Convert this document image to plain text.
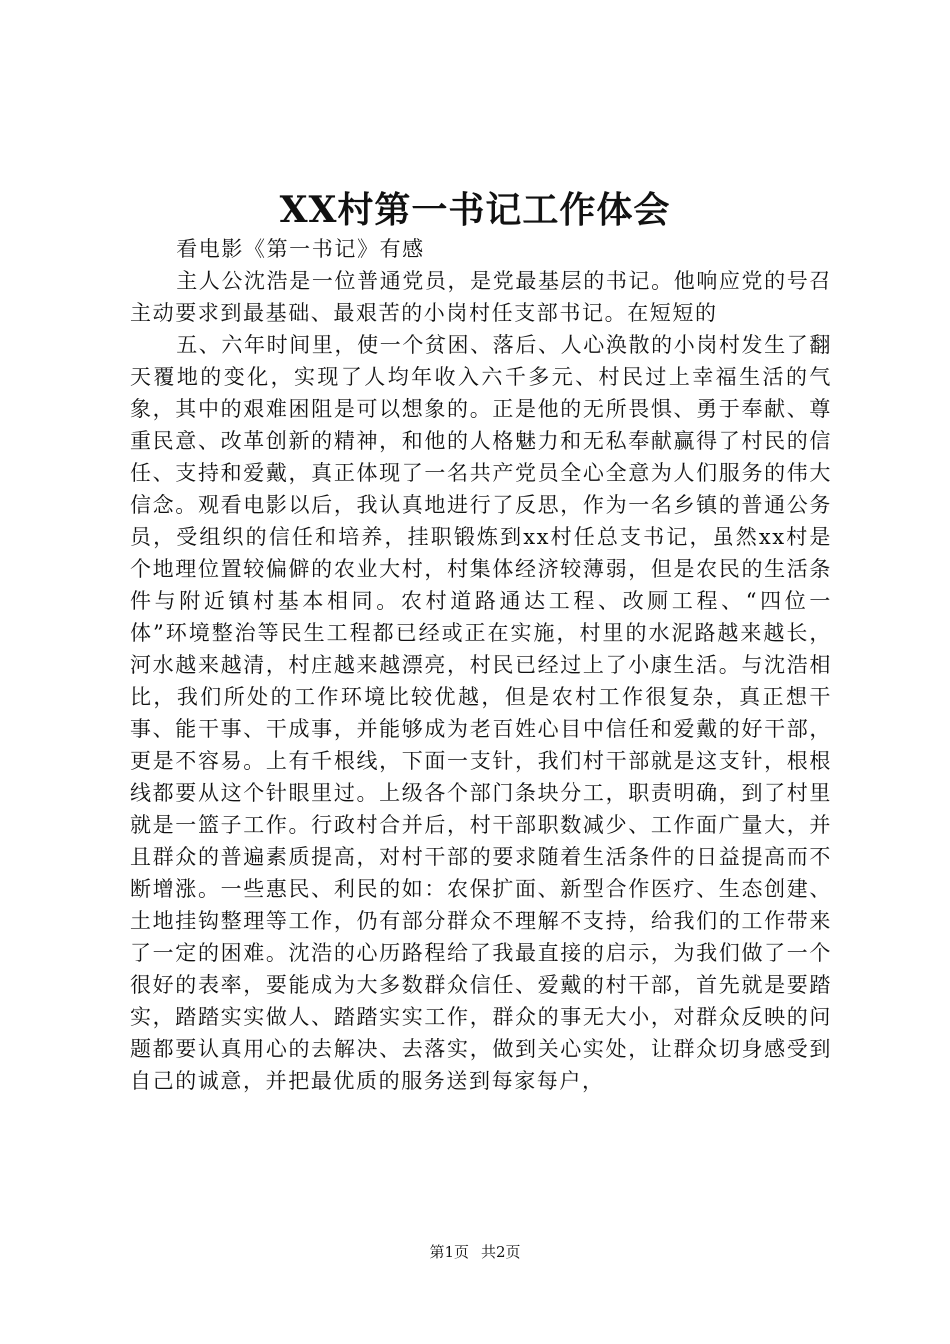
XX村第一书记工作体会

看电影《第一书记》有感

主人公沈浩是一位普通党员，是党最基层的书记。他响应党的号召主动要求到最基础、最艰苦的小岗村任支部书记。在短短的

五、六年时间里，使一个贫困、落后、人心涣散的小岗村发生了翻天覆地的变化，实现了人均年收入六千多元、村民过上幸福生活的气象，其中的艰难困阻是可以想象的。正是他的无所畏惧、勇于奉献、尊重民意、改革创新的精神，和他的人格魅力和无私奉献赢得了村民的信任、支持和爱戴，真正体现了一名共产党员全心全意为人们服务的伟大信念。观看电影以后，我认真地进行了反思，作为一名乡镇的普通公务员，受组织的信任和培养，挂职锻炼到xx村任总支书记，虽然xx村是个地理位置较偏僻的农业大村，村集体经济较薄弱，但是农民的生活条件与附近镇村基本相同。农村道路通达工程、改厕工程、“四位一体”环境整治等民生工程都已经或正在实施，村里的水泥路越来越长，河水越来越清，村庄越来越漂亮，村民已经过上了小康生活。与沈浩相比，我们所处的工作环境比较优越，但是农村工作很复杂，真正想干事、能干事、干成事，并能够成为老百姓心目中信任和爱戴的好干部，更是不容易。上有千根线，下面一支针，我们村干部就是这支针，根根线都要从这个针眼里过。上级各个部门条块分工，职责明确，到了村里就是一篮子工作。行政村合并后，村干部职数减少、工作面广量大，并且群众的普遍素质提高，对村干部的要求随着生活条件的日益提高而不断增涨。一些惠民、利民的如：农保扩面、新型合作医疗、生态创建、土地挂钩整理等工作，仍有部分群众不理解不支持，给我们的工作带来了一定的困难。沈浩的心历路程给了我最直接的启示，为我们做了一个很好的表率，要能成为大多数群众信任、爱戴的村干部，首先就是要踏实，踏踏实实做人、踏踏实实工作，群众的事无大小，对群众反映的问题都要认真用心的去解决、去落实，做到关心实处，让群众切身感受到自己的诚意，并把最优质的服务送到每家每户，

第1页 共2页
